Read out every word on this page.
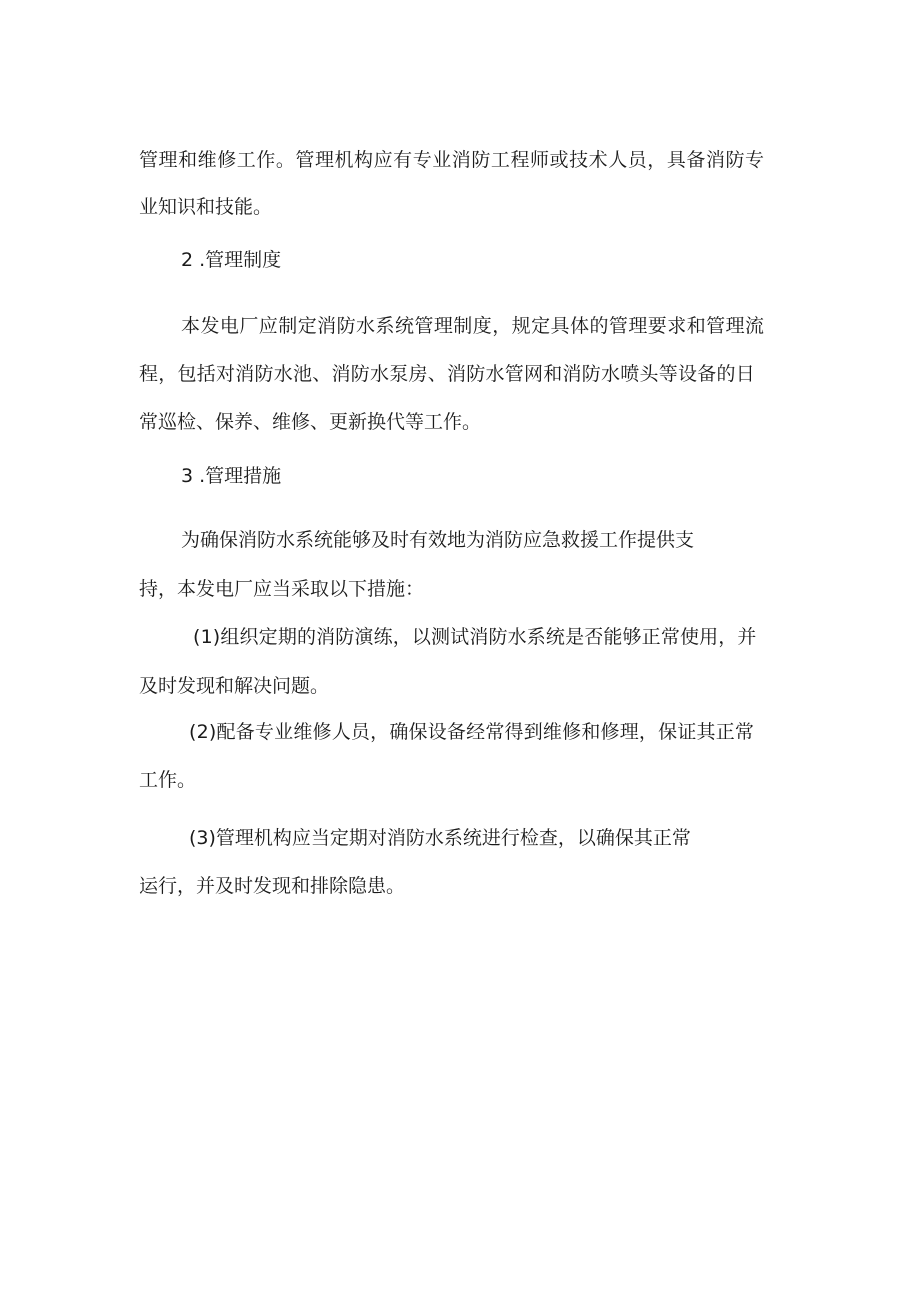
管理和维修工作。管理机构应有专业消防工程师或技术人员，具备消防专

业知识和技能。

2 .管理制度

本发电厂应制定消防水系统管理制度，规定具体的管理要求和管理流

程，包括对消防水池、消防水泵房、消防水管网和消防水喷头等设备的日

常巡检、保养、维修、更新换代等工作。

3 .管理措施

为确保消防水系统能够及时有效地为消防应急救援工作提供支

持，本发电厂应当采取以下措施：

(1)组织定期的消防演练，以测试消防水系统是否能够正常使用，并

及时发现和解决问题。

(2)配备专业维修人员，确保设备经常得到维修和修理，保证其正常

工作。

(3)管理机构应当定期对消防水系统进行检查，以确保其正常

运行，并及时发现和排除隐患。
